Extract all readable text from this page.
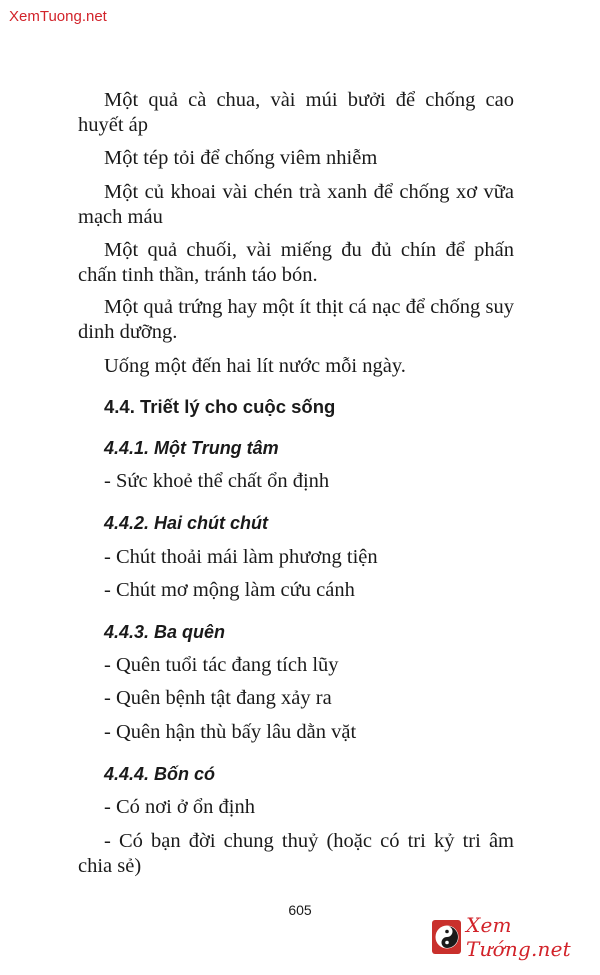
XemTuong.net

Một quả cà chua, vài múi bưởi để chống cao huyết áp

Một tép tỏi để chống viêm nhiễm

Một củ khoai vài chén trà xanh để chống xơ vữa mạch máu

Một quả chuối, vài miếng đu đủ chín để phấn chấn tinh thần, tránh táo bón.

Một quả trứng hay một ít thịt cá nạc để chống suy dinh dưỡng.

Uống một đến hai lít nước mỗi ngày.

4.4. Triết lý cho cuộc sống
4.4.1. Một Trung tâm

- Sức khoẻ thể chất ổn định

4.4.2. Hai chút chút

- Chút thoải mái làm phương tiện

- Chút mơ mộng làm cứu cánh

4.4.3. Ba quên

- Quên tuổi tác đang tích lũy

- Quên bệnh tật đang xảy ra

- Quên hận thù bấy lâu dằn vặt

4.4.4. Bốn có

- Có nơi ở ổn định

- Có bạn đời chung thuỷ (hoặc có tri kỷ tri âm chia sẻ)

605
Xem Tướng.net
